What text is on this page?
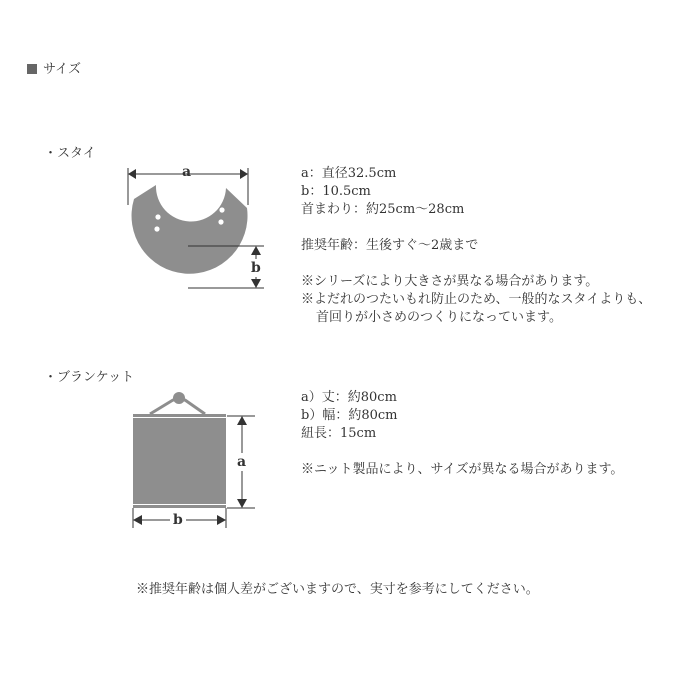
サイズ
・スタイ
a
b
a：直径32.5cm
b：10.5cm
首まわり：約25cm〜28cm
推奨年齢：生後すぐ〜2歳まで
※シリーズにより大きさが異なる場合があります。
※よだれのつたいもれ防止のため、一般的なスタイよりも、
首回りが小さめのつくりになっています。
・ブランケット
a
b
a）丈：約80cm
b）幅：約80cm
紐長：15cm
※ニット製品により、サイズが異なる場合があります。
※推奨年齢は個人差がございますので、実寸を参考にしてください。
